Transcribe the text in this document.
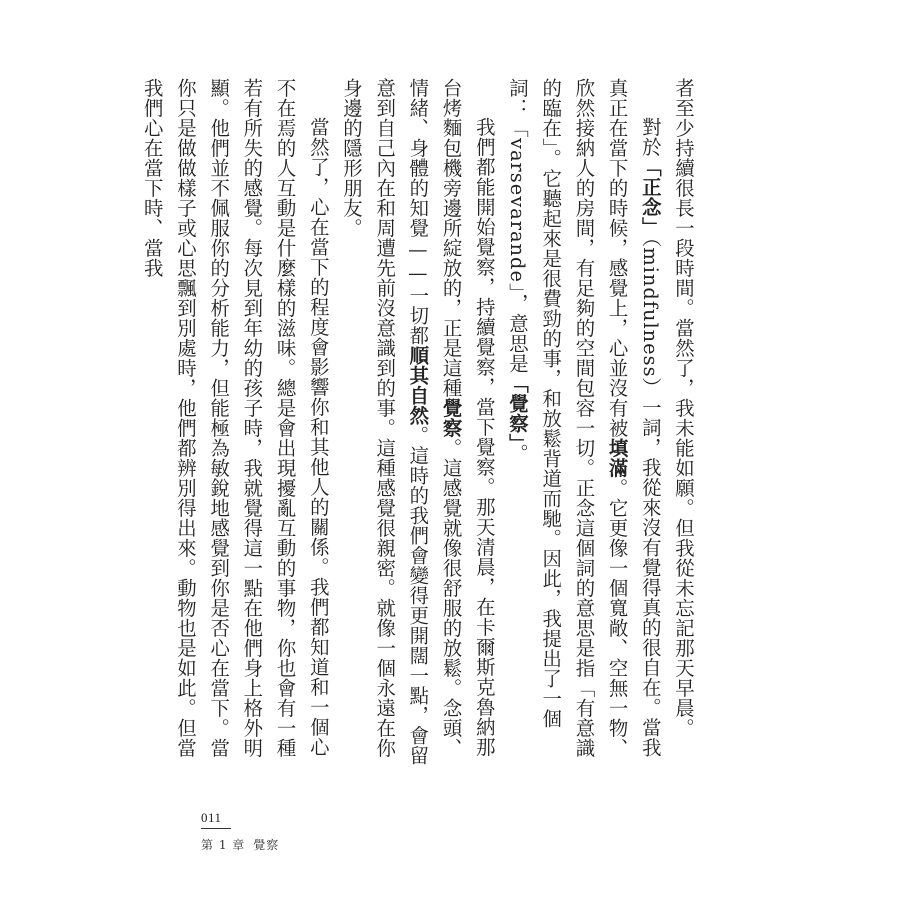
者至少持續很長一段時間。當然了，我未能如願。但我從未忘記那天早晨。

對於「正念」（mindfulness）一詞，我從來沒有覺得真的很自在。當我真正在當下的時候，感覺上，心並沒有被填滿。它更像一個寬敞、空無一物、欣然接納人的房間，有足夠的空間包容一切。正念這個詞的意思是指「有意識的臨在」。它聽起來是很費勁的事，和放鬆背道而馳。因此，我提出了一個詞：「varsevarande」，意思是「覺察」。

我們都能開始覺察，持續覺察，當下覺察。那天清晨，在卡爾斯克魯納那台烤麵包機旁邊所綻放的，正是這種覺察。這感覺就像很舒服的放鬆。念頭、情緒、身體的知覺——一切都順其自然。這時的我們會變得更開闊一點，會留意到自己內在和周遭先前沒意識到的事。這種感覺很親密。就像一個永遠在你身邊的隱形朋友。

當然了，心在當下的程度會影響你和其他人的關係。我們都知道和一個心不在焉的人互動是什麼樣的滋味。總是會出現擾亂互動的事物，你也會有一種若有所失的感覺。每次見到年幼的孩子時，我就覺得這一點在他們身上格外明顯。他們並不佩服你的分析能力，但能極為敏銳地感覺到你是否心在當下。當你只是做做樣子或心思飄到別處時，他們都辨別得出來。動物也是如此。但當我們心在當下時、當我

011
第 1 章 覺察
